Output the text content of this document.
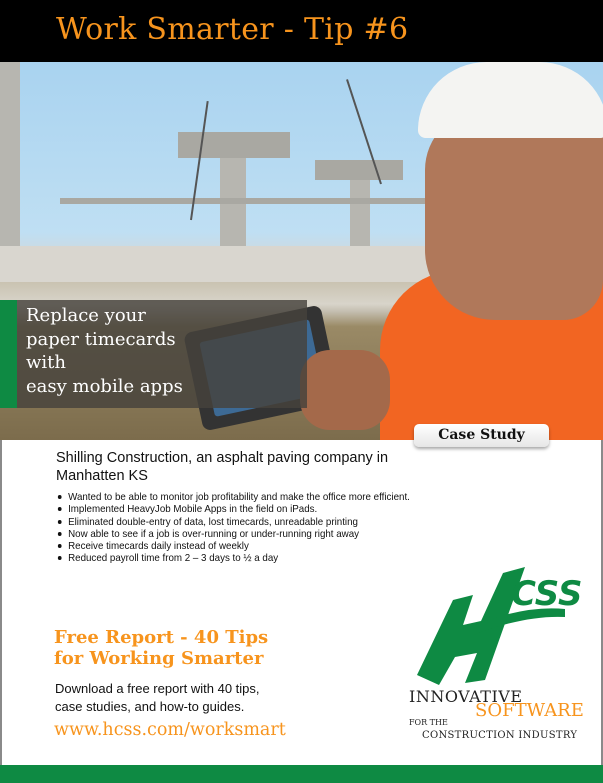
Work Smarter - Tip #6
Replace your
paper timecards
with
easy mobile apps
Case Study
Shilling Construction, an asphalt paving company in
Manhatten KS
Wanted to be able to monitor job profitability and make the office more efficient.
Implemented HeavyJob Mobile Apps in the field on iPads.
Eliminated double-entry of data, lost timecards, unreadable printing
Now able to see if a job is over-running or under-running right away
Receive timecards daily instead of weekly
Reduced payroll time from 2 – 3 days to ½ a day
Free Report - 40 Tips
for Working Smarter
Download a free report with 40 tips,
case studies, and how-to guides.
www.hcss.com/worksmart
CSS
INNOVATIVE
SOFTWARE
FOR THE
CONSTRUCTION INDUSTRY
